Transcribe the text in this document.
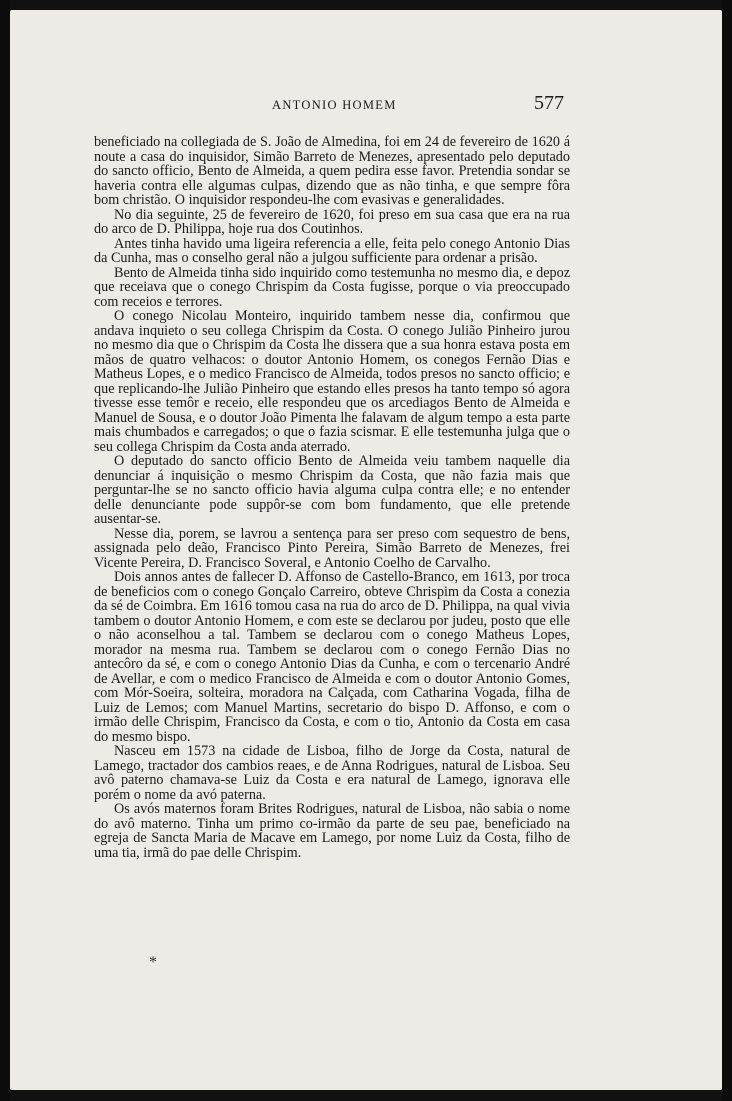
ANTONIO HOMEM	577

beneficiado na collegiada de S. João de Almedina, foi em 24 de fevereiro de 1620 á noute a casa do inquisidor, Simão Barreto de Menezes, apresentado pelo deputado do sancto officio, Bento de Almeida, a quem pedira esse favor. Pretendia sondar se haveria contra elle algumas culpas, dizendo que as não tinha, e que sempre fôra bom christão. O inquisidor respondeu-lhe com evasivas e generalidades.

No dia seguinte, 25 de fevereiro de 1620, foi preso em sua casa que era na rua do arco de D. Philippa, hoje rua dos Coutinhos.

Antes tinha havido uma ligeira referencia a elle, feita pelo conego Antonio Dias da Cunha, mas o conselho geral não a julgou sufficiente para ordenar a prisão.

Bento de Almeida tinha sido inquirido como testemunha no mesmo dia, e depoz que receiava que o conego Chrispim da Costa fugisse, porque o via preoccupado com receios e terrores.

O conego Nicolau Monteiro, inquirido tambem nesse dia, confirmou que andava inquieto o seu collega Chrispim da Costa. O conego Julião Pinheiro jurou no mesmo dia que o Chrispim da Costa lhe dissera que a sua honra estava posta em mãos de quatro velhacos: o doutor Antonio Homem, os conegos Fernão Dias e Matheus Lopes, e o medico Francisco de Almeida, todos presos no sancto officio; e que replicando-lhe Julião Pinheiro que estando elles presos ha tanto tempo só agora tivesse esse temôr e receio, elle respondeu que os arcediagos Bento de Almeida e Manuel de Sousa, e o doutor João Pimenta lhe falavam de algum tempo a esta parte mais chumbados e carregados; o que o fazia scismar. E elle testemunha julga que o seu collega Chrispim da Costa anda aterrado.

O deputado do sancto officio Bento de Almeida veiu tambem naquelle dia denunciar á inquisição o mesmo Chrispim da Costa, que não fazia mais que perguntar-lhe se no sancto officio havia alguma culpa contra elle; e no entender delle denunciante pode suppôr-se com bom fundamento, que elle pretende ausentar-se.

Nesse dia, porem, se lavrou a sentença para ser preso com sequestro de bens, assignada pelo deão, Francisco Pinto Pereira, Simão Barreto de Menezes, frei Vicente Pereira, D. Francisco Soveral, e Antonio Coelho de Carvalho.

Dois annos antes de fallecer D. Affonso de Castello-Branco, em 1613, por troca de beneficios com o conego Gonçalo Carreiro, obteve Chrispim da Costa a conezia da sé de Coimbra. Em 1616 tomou casa na rua do arco de D. Philippa, na qual vivia tambem o doutor Antonio Homem, e com este se declarou por judeu, posto que elle o não aconselhou a tal. Tambem se declarou com o conego Matheus Lopes, morador na mesma rua. Tambem se declarou com o conego Fernão Dias no antecôro da sé, e com o conego Antonio Dias da Cunha, e com o tercenario André de Avellar, e com o medico Francisco de Almeida e com o doutor Antonio Gomes, com Mór-Soeira, solteira, moradora na Calçada, com Catharina Vogada, filha de Luiz de Lemos; com Manuel Martins, secretario do bispo D. Affonso, e com o irmão delle Chrispim, Francisco da Costa, e com o tio, Antonio da Costa em casa do mesmo bispo.

Nasceu em 1573 na cidade de Lisboa, filho de Jorge da Costa, natural de Lamego, tractador dos cambios reaes, e de Anna Rodrigues, natural de Lisboa. Seu avô paterno chamava-se Luiz da Costa e era natural de Lamego, ignorava elle porém o nome da avó paterna.

Os avós maternos foram Brites Rodrigues, natural de Lisboa, não sabia o nome do avô materno. Tinha um primo co-irmão da parte de seu pae, beneficiado na egreja de Sancta Maria de Macave em Lamego, por nome Luiz da Costa, filho de uma tia, irmã do pae delle Chrispim.

*
